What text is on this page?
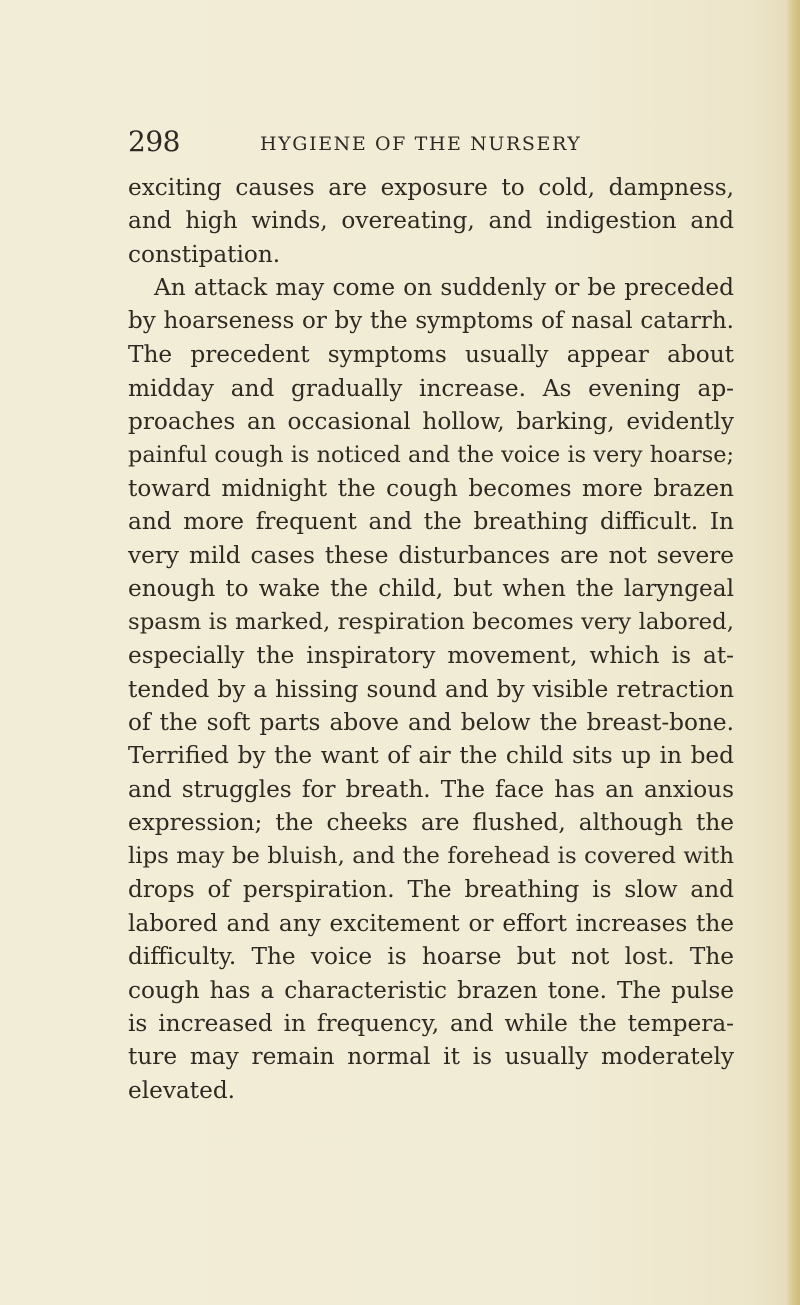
298	HYGIENE OF THE NURSERY
exciting causes are exposure to cold, dampness,
and high winds, overeating, and indigestion and
constipation.
An attack may come on suddenly or be preceded
by hoarseness or by the symptoms of nasal catarrh.
The precedent symptoms usually appear about
midday and gradually increase. As evening ap-
proaches an occasional hollow, barking, evidently
painful cough is noticed and the voice is very hoarse;
toward midnight the cough becomes more brazen
and more frequent and the breathing difficult. In
very mild cases these disturbances are not severe
enough to wake the child, but when the laryngeal
spasm is marked, respiration becomes very labored,
especially the inspiratory movement, which is at-
tended by a hissing sound and by visible retraction
of the soft parts above and below the breast-bone.
Terrified by the want of air the child sits up in bed
and struggles for breath. The face has an anxious
expression; the cheeks are flushed, although the
lips may be bluish, and the forehead is covered with
drops of perspiration. The breathing is slow and
labored and any excitement or effort increases the
difficulty. The voice is hoarse but not lost. The
cough has a characteristic brazen tone. The pulse
is increased in frequency, and while the tempera-
ture may remain normal it is usually moderately
elevated.
